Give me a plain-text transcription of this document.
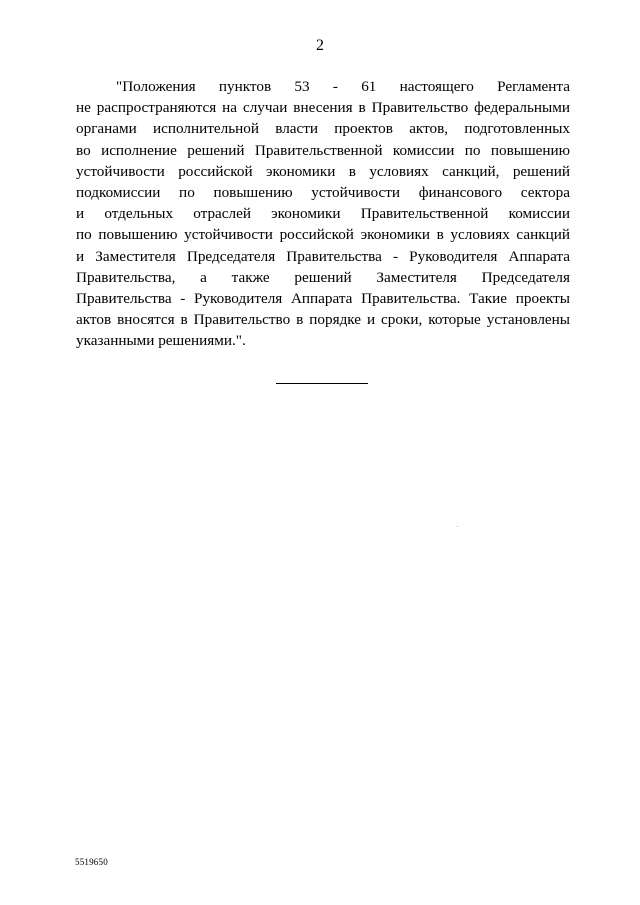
2
"Положения пунктов 53 - 61 настоящего Регламента
не распространяются на случаи внесения в Правительство федеральными
органами исполнительной власти проектов актов, подготовленных
во исполнение решений Правительственной комиссии по повышению
устойчивости российской экономики в условиях санкций, решений
подкомиссии по повышению устойчивости финансового сектора
и отдельных отраслей экономики Правительственной комиссии
по повышению устойчивости российской экономики в условиях санкций
и Заместителя Председателя Правительства - Руководителя Аппарата
Правительства, а также решений Заместителя Председателя
Правительства - Руководителя Аппарата Правительства. Такие проекты
актов вносятся в Правительство в порядке и сроки, которые установлены
указанными решениями.".
5519650
